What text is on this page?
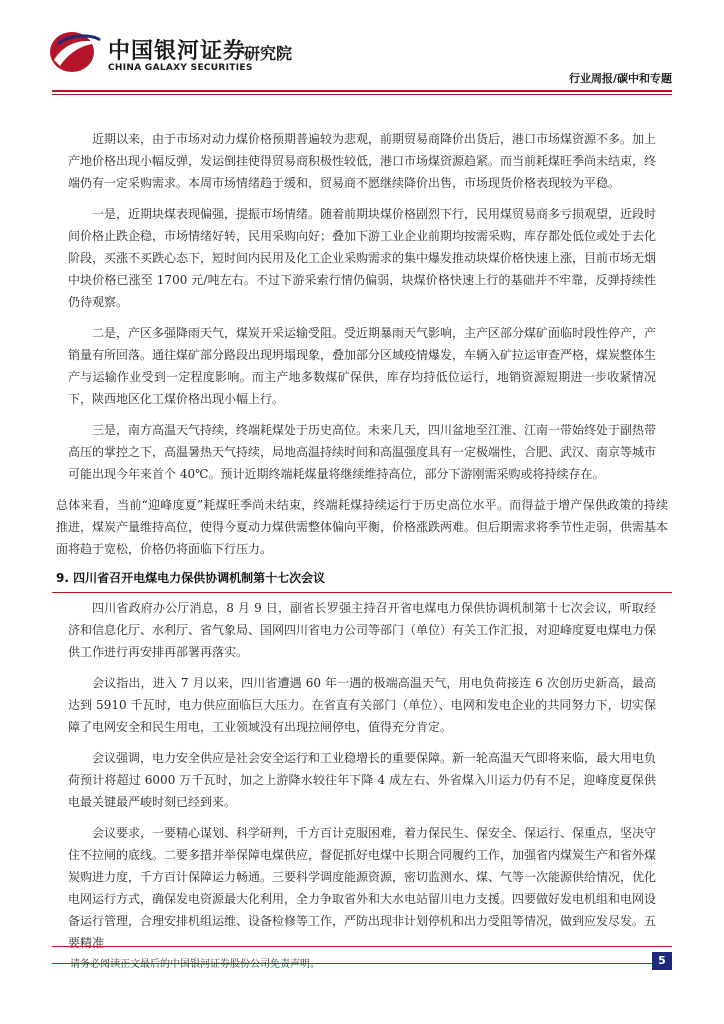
中国银河证券
CHINA GALAXY SECURITIES
研究院
行业周报/碳中和专题

近期以来，由于市场对动力煤价格预期普遍较为悲观，前期贸易商降价出货后，港口市场煤资源不多。加上产地价格出现小幅反弹，发运倒挂使得贸易商积极性较低，港口市场煤资源趋紧。而当前耗煤旺季尚未结束，终端仍有一定采购需求。本周市场情绪趋于缓和，贸易商不愿继续降价出售，市场现货价格表现较为平稳。

一是，近期块煤表现偏强，提振市场情绪。随着前期块煤价格剧烈下行，民用煤贸易商多亏损观望，近段时间价格止跌企稳，市场情绪好转，民用采购向好；叠加下游工业企业前期均按需采购，库存都处低位或处于去化阶段，买涨不买跌心态下，短时间内民用及化工企业采购需求的集中爆发推动块煤价格快速上涨，目前市场无烟中块价格已涨至 1700 元/吨左右。不过下游采索行情仍偏弱，块煤价格快速上行的基础并不牢靠，反弹持续性仍待观察。

二是，产区多强降雨天气，煤炭开采运输受阻。受近期暴雨天气影响，主产区部分煤矿面临时段性停产，产销量有所回落。通往煤矿部分路段出现坍塌现象，叠加部分区域疫情爆发，车辆入矿拉运审查严格，煤炭整体生产与运输作业受到一定程度影响。而主产地多数煤矿保供，库存均持低位运行，地销资源短期进一步收紧情况下，陕西地区化工煤价格出现小幅上行。

三是，南方高温天气持续，终端耗煤处于历史高位。未来几天，四川盆地至江淮、江南一带始终处于副热带高压的掌控之下，高温暑热天气持续，局地高温持续时间和高温强度具有一定极端性，合肥、武汉、南京等城市可能出现今年来首个 40℃。预计近期终端耗煤量将继续维持高位，部分下游刚需采购或将持续存在。

总体来看，当前“迎峰度夏”耗煤旺季尚未结束，终端耗煤持续运行于历史高位水平。而得益于增产保供政策的持续推进，煤炭产量维持高位，使得今夏动力煤供需整体偏向平衡，价格涨跌两难。但后期需求将季节性走弱，供需基本面将趋于宽松，价格仍将面临下行压力。

9. 四川省召开电煤电力保供协调机制第十七次会议

四川省政府办公厅消息，8 月 9 日，副省长罗强主持召开省电煤电力保供协调机制第十七次会议，听取经济和信息化厅、水利厅、省气象局、国网四川省电力公司等部门（单位）有关工作汇报，对迎峰度夏电煤电力保供工作进行再安排再部署再落实。

会议指出，进入 7 月以来，四川省遭遇 60 年一遇的极端高温天气，用电负荷接连 6 次创历史新高，最高达到 5910 千瓦时，电力供应面临巨大压力。在省直有关部门（单位）、电网和发电企业的共同努力下，切实保障了电网安全和民生用电，工业领域没有出现拉闸停电，值得充分肯定。

会议强调，电力安全供应是社会安全运行和工业稳增长的重要保障。新一轮高温天气即将来临，最大用电负荷预计将超过 6000 万千瓦时，加之上游降水较往年下降 4 成左右、外省煤入川运力仍有不足，迎峰度夏保供电最关键最严峻时刻已经到来。

会议要求，一要精心谋划、科学研判，千方百计克服困难，着力保民生、保安全、保运行、保重点，坚决守住不拉闸的底线。二要多措并举保障电煤供应，督促抓好电煤中长期合同履约工作，加强省内煤炭生产和省外煤炭购进力度，千方百计保障运力畅通。三要科学调度能源资源，密切监测水、煤、气等一次能源供给情况，优化电网运行方式，确保发电资源最大化利用，全力争取省外和大水电站留川电力支援。四要做好发电机组和电网设备运行管理，合理安排机组运维、设备检修等工作，严防出现非计划停机和出力受阻等情况，做到应发尽发。五要精准

请务必阅读正文最后的中国银河证券股份公司免责声明。	5
